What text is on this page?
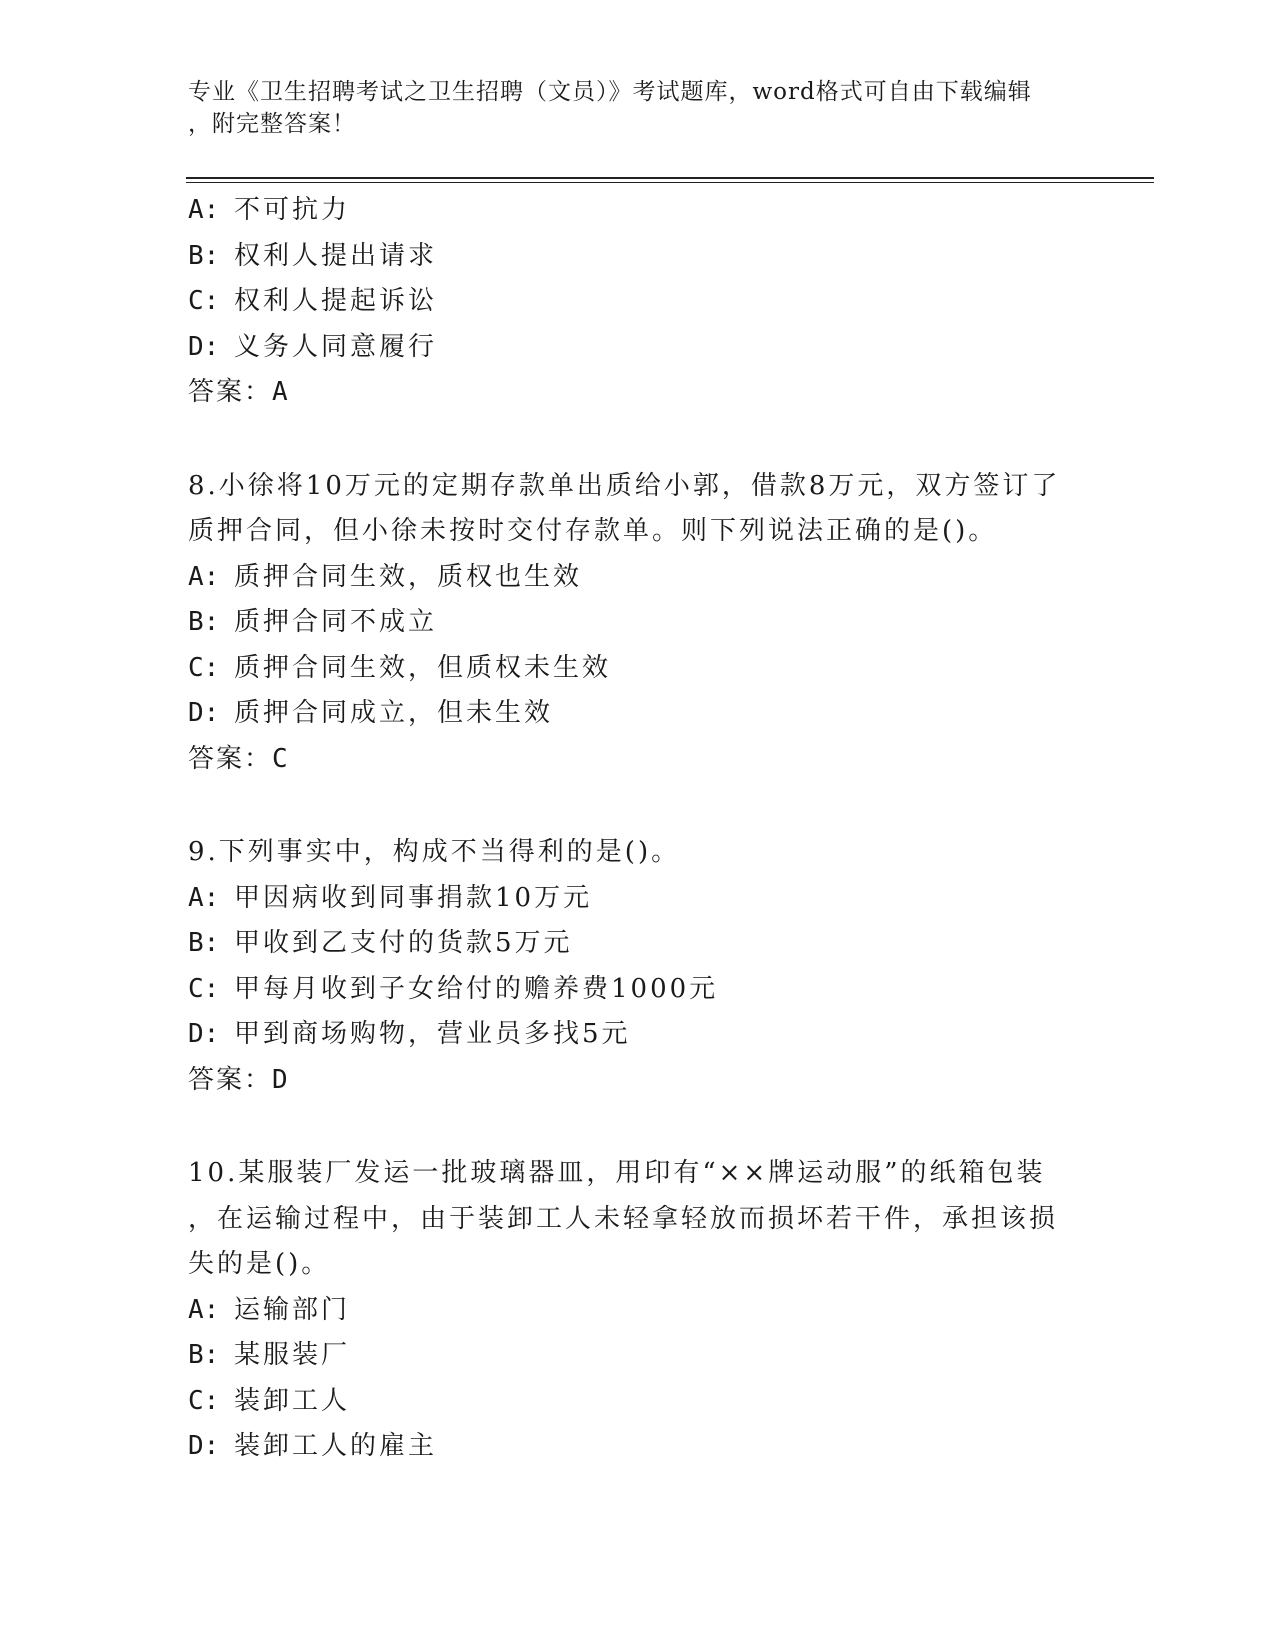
专业《卫生招聘考试之卫生招聘（文员）》考试题库，word格式可自由下载编辑
，附完整答案！
A: 不可抗力
B: 权利人提出请求
C: 权利人提起诉讼
D: 义务人同意履行
答案：A
8.小徐将10万元的定期存款单出质给小郭，借款8万元，双方签订了
质押合同，但小徐未按时交付存款单。则下列说法正确的是()。
A: 质押合同生效，质权也生效
B: 质押合同不成立
C: 质押合同生效，但质权未生效
D: 质押合同成立，但未生效
答案：C
9.下列事实中，构成不当得利的是()。
A: 甲因病收到同事捐款10万元
B: 甲收到乙支付的货款5万元
C: 甲每月收到子女给付的赡养费1000元
D: 甲到商场购物，营业员多找5元
答案：D
10.某服装厂发运一批玻璃器皿，用印有“××牌运动服”的纸箱包装
，在运输过程中，由于装卸工人未轻拿轻放而损坏若干件，承担该损
失的是()。
A: 运输部门
B: 某服装厂
C: 装卸工人
D: 装卸工人的雇主
